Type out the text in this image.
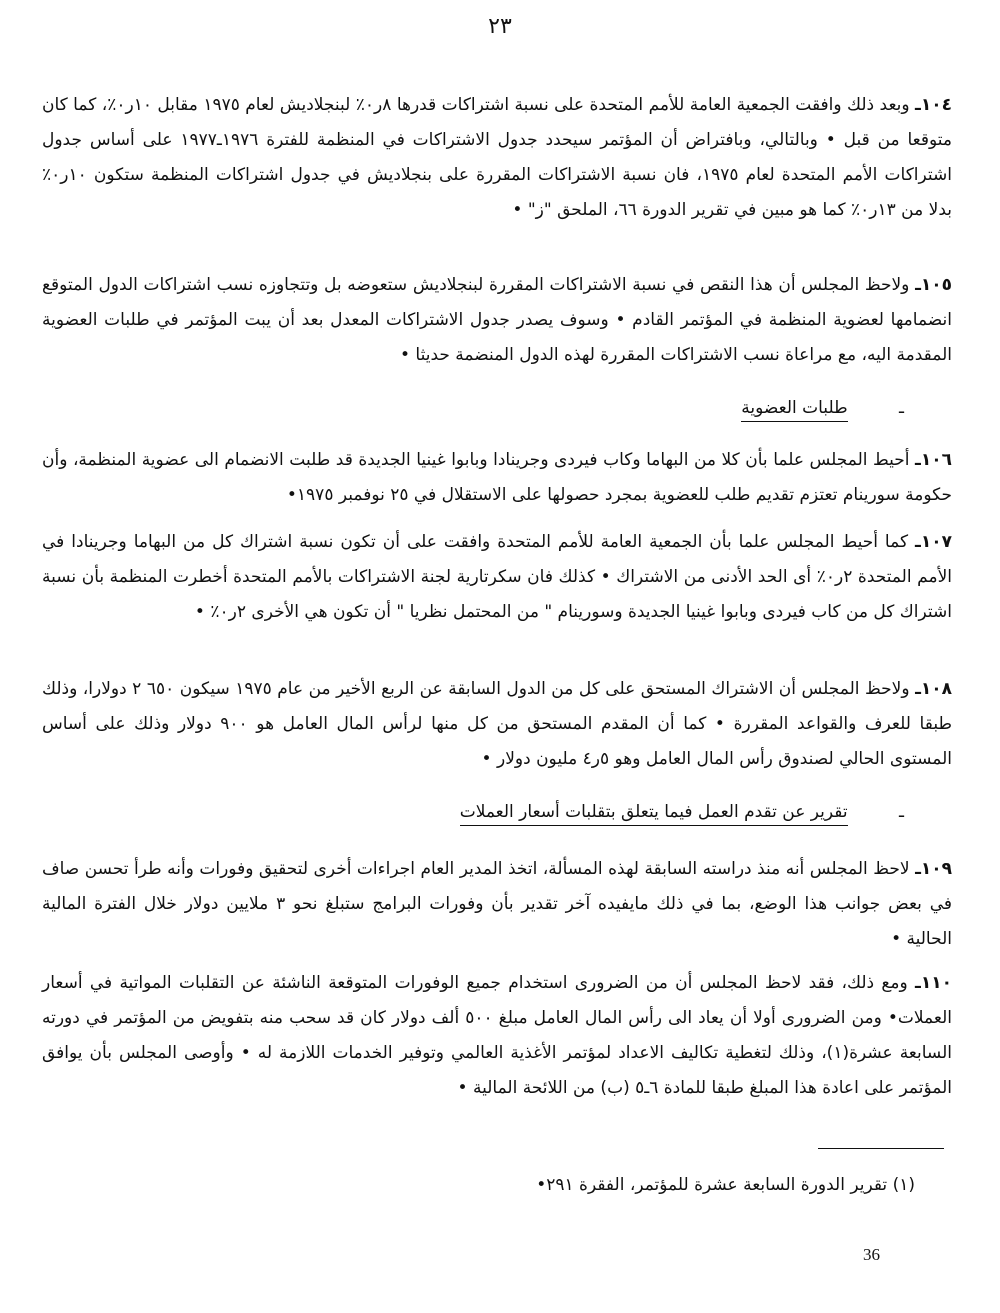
٢٣
١٠٤ـ وبعد ذلك وافقت الجمعية العامة للأمم المتحدة على نسبة اشتراكات قدرها ٨ر٠٪ لبنجلاديش لعام ١٩٧٥ مقابل ١٠ر٠٪، كما كان متوقعا من قبل • وبالتالي، وبافتراض أن المؤتمر سيحدد جدول الاشتراكات في المنظمة للفترة ١٩٧٦ـ١٩٧٧ على أساس جدول اشتراكات الأمم المتحدة لعام ١٩٧٥، فان نسبة الاشتراكات المقررة على بنجلاديش في جدول اشتراكات المنظمة ستكون ١٠ر٠٪ بدلا من ١٣ر٠٪ كما هو مبين في تقرير الدورة ٦٦، الملحق "ز" •
١٠٥ـ ولاحظ المجلس أن هذا النقص في نسبة الاشتراكات المقررة لبنجلاديش ستعوضه بل وتتجاوزه نسب اشتراكات الدول المتوقع انضمامها لعضوية المنظمة في المؤتمر القادم • وسوف يصدر جدول الاشتراكات المعدل بعد أن يبت المؤتمر في طلبات العضوية المقدمة اليه، مع مراعاة نسب الاشتراكات المقررة لهذه الدول المنضمة حديثا •
ـ طلبات العضوية
١٠٦ـ أحيط المجلس علما بأن كلا من البهاما وكاب فيردى وجرينادا وبابوا غينيا الجديدة قد طلبت الانضمام الى عضوية المنظمة، وأن حكومة سورينام تعتزم تقديم طلب للعضوية بمجرد حصولها على الاستقلال في ٢٥ نوفمبر ١٩٧٥•
١٠٧ـ كما أحيط المجلس علما بأن الجمعية العامة للأمم المتحدة وافقت على أن تكون نسبة اشتراك كل من البهاما وجرينادا في الأمم المتحدة ٢ر٠٪ أى الحد الأدنى من الاشتراك • كذلك فان سكرتارية لجنة الاشتراكات بالأمم المتحدة أخطرت المنظمة بأن نسبة اشتراك كل من كاب فيردى وبابوا غينيا الجديدة وسورينام " من المحتمل نظريا " أن تكون هي الأخرى ٢ر٠٪ •
١٠٨ـ ولاحظ المجلس أن الاشتراك المستحق على كل من الدول السابقة عن الربع الأخير من عام ١٩٧٥ سيكون ٦٥٠ ٢ دولارا، وذلك طبقا للعرف والقواعد المقررة • كما أن المقدم المستحق من كل منها لرأس المال العامل هو ٩٠٠ دولار وذلك على أساس المستوى الحالي لصندوق رأس المال العامل وهو ٥ر٤ مليون دولار •
ـ تقرير عن تقدم العمل فيما يتعلق بتقلبات أسعار العملات
١٠٩ـ لاحظ المجلس أنه منذ دراسته السابقة لهذه المسألة، اتخذ المدير العام اجراءات أخرى لتحقيق وفورات وأنه طرأ تحسن صاف في بعض جوانب هذا الوضع، بما في ذلك مايفيده آخر تقدير بأن وفورات البرامج ستبلغ نحو ٣ ملايين دولار خلال الفترة المالية الحالية •
١١٠ـ ومع ذلك، فقد لاحظ المجلس أن من الضرورى استخدام جميع الوفورات المتوقعة الناشئة عن التقلبات المواتية في أسعار العملات• ومن الضرورى أولا أن يعاد الى رأس المال العامل مبلغ ٥٠٠ ألف دولار كان قد سحب منه بتفويض من المؤتمر في دورته السابعة عشرة(١)، وذلك لتغطية تكاليف الاعداد لمؤتمر الأغذية العالمي وتوفير الخدمات اللازمة له • وأوصى المجلس بأن يوافق المؤتمر على اعادة هذا المبلغ طبقا للمادة ٦ـ٥ (ب) من اللائحة المالية •
(١) تقرير الدورة السابعة عشرة للمؤتمر، الفقرة ٢٩١•
36
